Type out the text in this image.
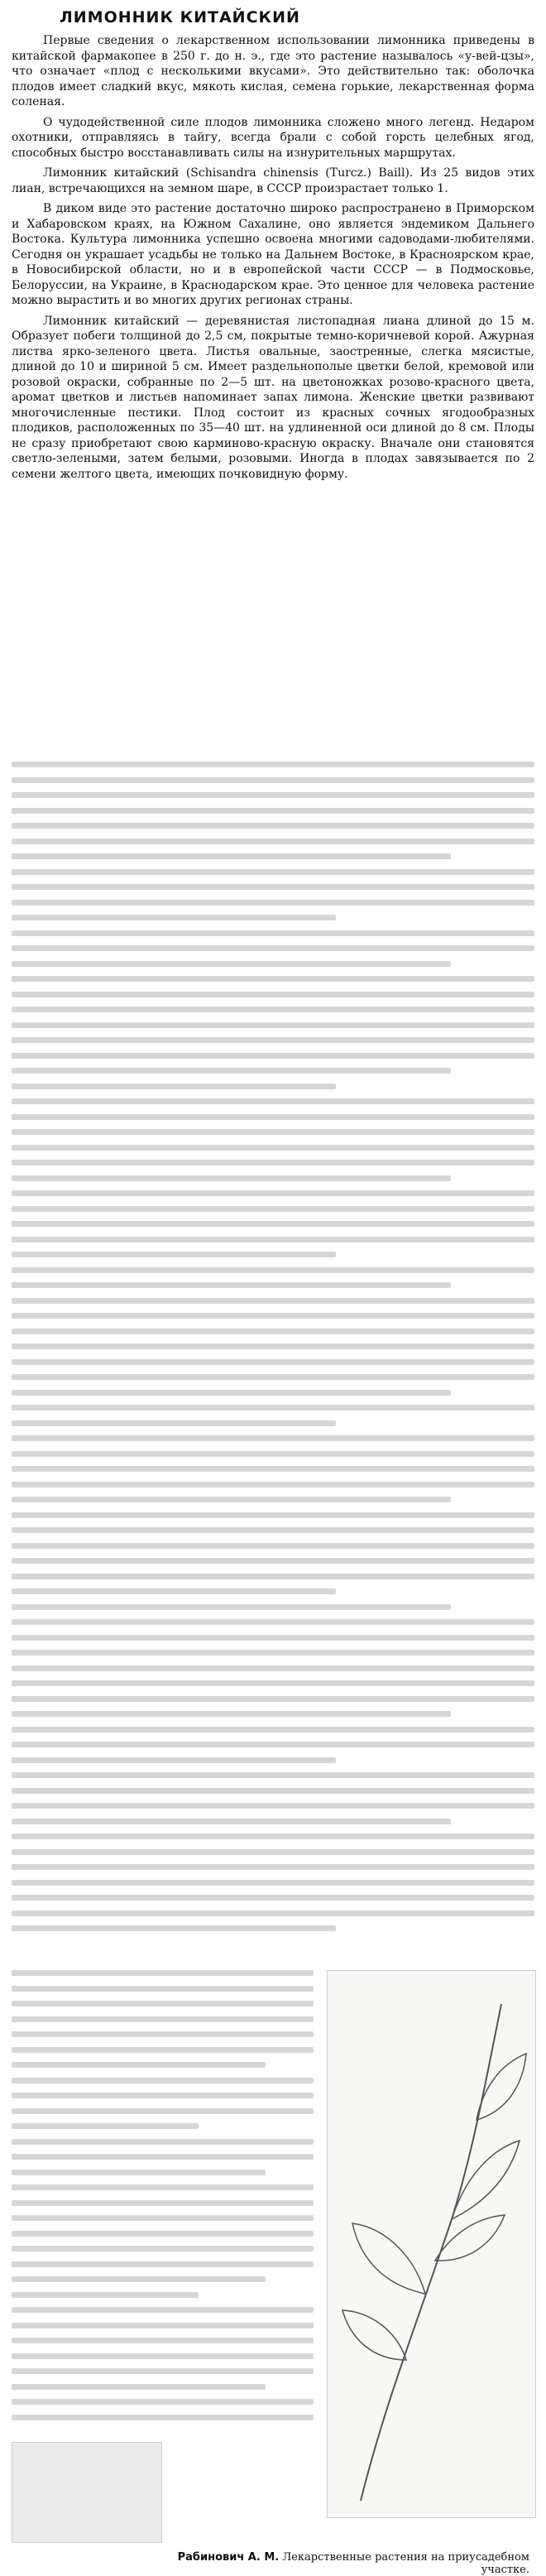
ЛИМОННИК КИТАЙСКИЙ

Первые сведения о лекарственном использовании лимонника приведены в китайской фармакопее в 250 г. до н. э., где это растение называлось «у-вей-цзы», что означает «плод с несколькими вкусами». Это действительно так: оболочка плодов имеет сладкий вкус, мякоть кислая, семена горькие, лекарственная форма соленая.

О чудодейственной силе плодов лимонника сложено много легенд. Недаром охотники, отправляясь в тайгу, всегда брали с собой горсть целебных ягод, способных быстро восстанавливать силы на изнурительных маршрутах.

Лимонник китайский (Schisandra chinensis (Turcz.) Baill). Из 25 видов этих лиан, встречающихся на земном шаре, в СССР произрастает только 1.

В диком виде это растение достаточно широко распространено в Приморском и Хабаровском краях, на Южном Сахалине, оно является эндемиком Дальнего Востока. Культура лимонника успешно освоена многими садоводами-любителями. Сегодня он украшает усадьбы не только на Дальнем Востоке, в Красноярском крае, в Новосибирской области, но и в европейской части СССР — в Подмосковье, Белоруссии, на Украине, в Краснодарском крае. Это ценное для человека растение можно вырастить и во многих других регионах страны.

Лимонник китайский — деревянистая листопадная лиана длиной до 15 м. Образует побеги толщиной до 2,5 см, покрытые темно-коричневой корой. Ажурная листва ярко-зеленого цвета. Листья овальные, заостренные, слегка мясистые, длиной до 10 и шириной 5 см. Имеет раздельнополые цветки белой, кремовой или розовой окраски, собранные по 2—5 шт. на цветоножках розово-красного цвета, аромат цветков и листьев напоминает запах лимона. Женские цветки развивают многочисленные пестики. Плод состоит из красных сочных ягодообразных плодиков, расположенных по 35—40 шт. на удлиненной оси длиной до 8 см. Плоды не сразу приобретают свою карминово-красную окраску. Вначале они становятся светло-зелеными, затем белыми, розовыми. Иногда в плодах завязывается по 2 семени желтого цвета, имеющих почковидную форму.

Рабинович А. М. Лекарственные растения на приусадебном участке.
